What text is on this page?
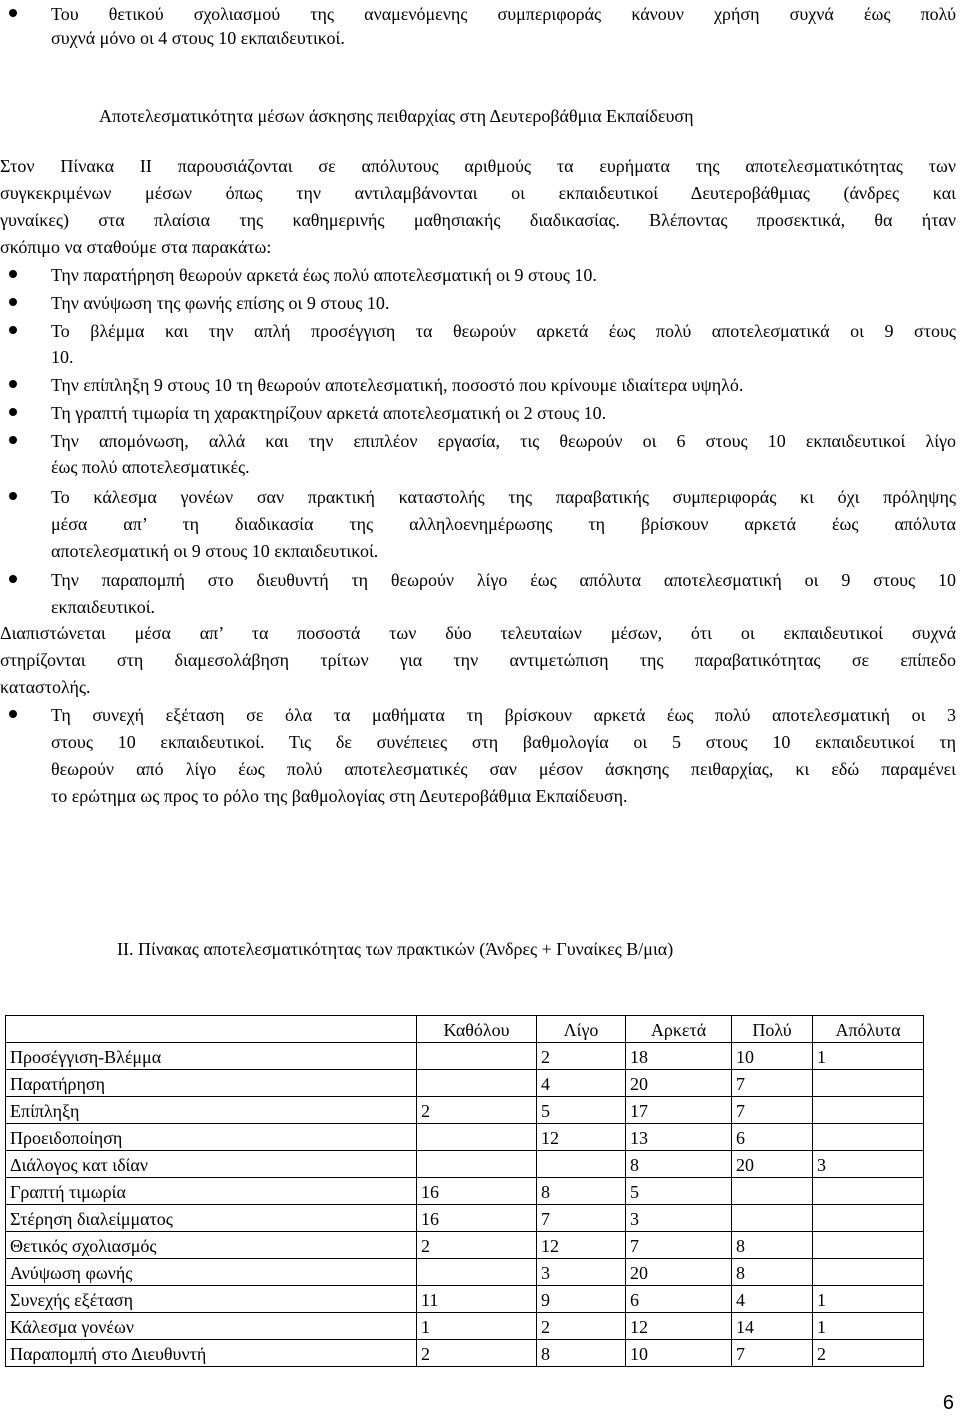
Του θετικού σχολιασμού της αναμενόμενης συμπεριφοράς κάνουν χρήση συχνά έως πολύ
συχνά μόνο οι 4 στους 10 εκπαιδευτικοί.
Αποτελεσματικότητα μέσων άσκησης πειθαρχίας στη Δευτεροβάθμια Εκπαίδευση
Στον Πίνακα ΙΙ παρουσιάζονται σε απόλυτους αριθμούς τα ευρήματα της αποτελεσματικότητας των
συγκεκριμένων μέσων όπως την αντιλαμβάνονται οι εκπαιδευτικοί Δευτεροβάθμιας (άνδρες και
γυναίκες) στα πλαίσια της καθημερινής μαθησιακής διαδικασίας. Βλέποντας προσεκτικά, θα ήταν
σκόπιμο να σταθούμε στα παρακάτω:
Την παρατήρηση θεωρούν αρκετά έως πολύ αποτελεσματική οι 9 στους 10.
Την ανύψωση της φωνής επίσης οι 9 στους 10.
Το βλέμμα και την απλή προσέγγιση τα θεωρούν αρκετά έως πολύ αποτελεσματικά οι 9 στους
10.
Την επίπληξη 9 στους 10 τη θεωρούν αποτελεσματική, ποσοστό που κρίνουμε ιδιαίτερα υψηλό.
Τη γραπτή τιμωρία τη χαρακτηρίζουν αρκετά αποτελεσματική οι 2 στους 10.
Την απομόνωση, αλλά και την επιπλέον εργασία, τις θεωρούν οι 6 στους 10 εκπαιδευτικοί λίγο
έως πολύ αποτελεσματικές.
Το κάλεσμα γονέων σαν πρακτική καταστολής της παραβατικής συμπεριφοράς κι όχι πρόληψης
μέσα απ’ τη διαδικασία της αλληλοενημέρωσης τη βρίσκουν αρκετά έως απόλυτα
αποτελεσματική οι 9 στους 10 εκπαιδευτικοί.
Την παραπομπή στο διευθυντή τη θεωρούν λίγο έως απόλυτα αποτελεσματική οι 9 στους 10
εκπαιδευτικοί.
Διαπιστώνεται μέσα απ’ τα ποσοστά των δύο τελευταίων μέσων, ότι οι εκπαιδευτικοί συχνά
στηρίζονται στη διαμεσολάβηση τρίτων για την αντιμετώπιση της παραβατικότητας σε επίπεδο
καταστολής.
Τη συνεχή εξέταση σε όλα τα μαθήματα τη βρίσκουν αρκετά έως πολύ αποτελεσματική οι 3
στους 10 εκπαιδευτικοί. Τις δε συνέπειες στη βαθμολογία οι 5 στους 10 εκπαιδευτικοί τη
θεωρούν από λίγο έως πολύ αποτελεσματικές σαν μέσον άσκησης πειθαρχίας, κι εδώ παραμένει
το ερώτημα ως προς το ρόλο της βαθμολογίας στη Δευτεροβάθμια Εκπαίδευση.
ΙΙ. Πίνακας αποτελεσματικότητας των πρακτικών (Άνδρες + Γυναίκες Β/μια)
	Καθόλου	Λίγο	Αρκετά	Πολύ	Απόλυτα
Προσέγγιση-Βλέμμα		2	18	10	1
Παρατήρηση		4	20	7	
Επίπληξη	2	5	17	7	
Προειδοποίηση		12	13	6	
Διάλογος κατ ιδίαν			8	20	3
Γραπτή τιμωρία	16	8	5		
Στέρηση διαλείμματος	16	7	3		
Θετικός σχολιασμός	2	12	7	8	
Ανύψωση φωνής		3	20	8	
Συνεχής εξέταση	11	9	6	4	1
Κάλεσμα γονέων	1	2	12	14	1
Παραπομπή στο Διευθυντή	2	8	10	7	2
6
